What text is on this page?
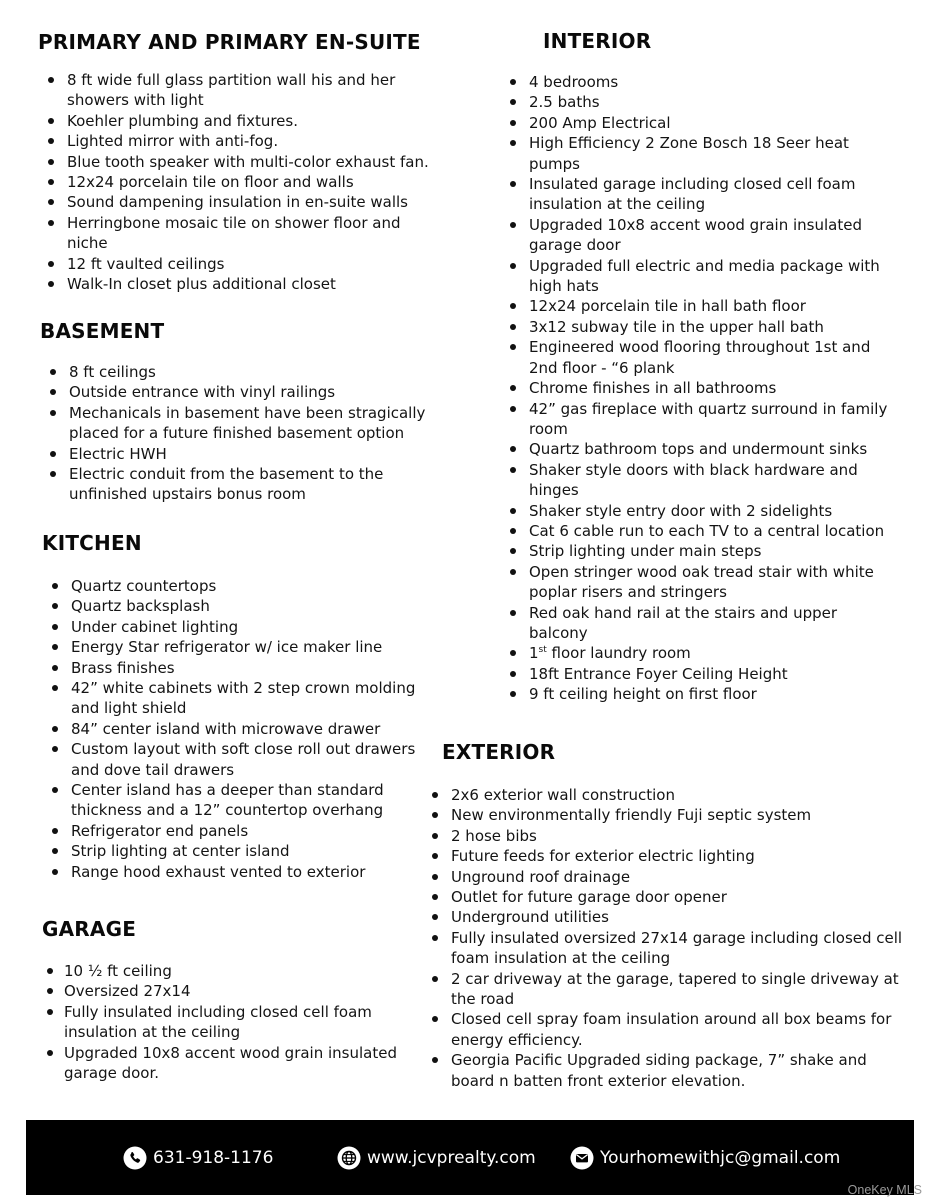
PRIMARY AND PRIMARY EN-SUITE
8 ft wide full glass partition wall his and her showers with light
Koehler plumbing and fixtures.
Lighted mirror with anti-fog.
Blue tooth speaker with multi-color exhaust fan.
12x24 porcelain tile on floor and walls
Sound dampening insulation in en-suite walls
Herringbone mosaic tile on shower floor and niche
12 ft vaulted ceilings
Walk-In closet plus additional closet
BASEMENT
8 ft ceilings
Outside entrance with vinyl railings
Mechanicals in basement have been stragically placed for a future finished basement option
Electric HWH
Electric conduit from the basement to the unfinished upstairs bonus room
KITCHEN
Quartz countertops
Quartz backsplash
Under cabinet lighting
Energy Star refrigerator w/ ice maker line
Brass finishes
42” white cabinets with 2 step crown molding and light shield
84” center island with microwave drawer
Custom layout with soft close roll out drawers and dove tail drawers
Center island has a deeper than standard thickness and a 12” countertop overhang
Refrigerator end panels
Strip lighting at center island
Range hood exhaust vented to exterior
GARAGE
10 ½ ft ceiling
Oversized 27x14
Fully insulated including closed cell foam insulation at the ceiling
Upgraded 10x8 accent wood grain insulated garage door.
INTERIOR
4 bedrooms
2.5 baths
200 Amp Electrical
High Efficiency 2 Zone Bosch 18 Seer heat pumps
Insulated garage including closed cell foam insulation at the ceiling
Upgraded 10x8 accent wood grain insulated garage door
Upgraded full electric and media package with high hats
12x24 porcelain tile in hall bath floor
3x12 subway tile in the upper hall bath
Engineered wood flooring throughout 1st and 2nd floor - “6 plank
Chrome finishes in all bathrooms
42” gas fireplace with quartz surround in family room
Quartz bathroom tops and undermount sinks
Shaker style doors with black hardware and hinges
Shaker style entry door with 2 sidelights
Cat 6 cable run to each TV to a central location
Strip lighting under main steps
Open stringer wood oak tread stair with white poplar risers and stringers
Red oak hand rail at the stairs and upper balcony
1st floor laundry room
18ft Entrance Foyer Ceiling Height
9 ft ceiling height on first floor
EXTERIOR
2x6 exterior wall construction
New environmentally friendly Fuji septic system
2 hose bibs
Future feeds for exterior electric lighting
Unground roof drainage
Outlet for future garage door opener
Underground utilities
Fully insulated oversized 27x14 garage including closed cell foam insulation at the ceiling
2 car driveway at the garage, tapered to single driveway at the road
Closed cell spray foam insulation around all box beams for energy efficiency.
Georgia Pacific Upgraded siding package, 7” shake and board n batten front exterior elevation.
631-918-1176	www.jcvprealty.com	Yourhomewithjc@gmail.com
OneKey MLS
